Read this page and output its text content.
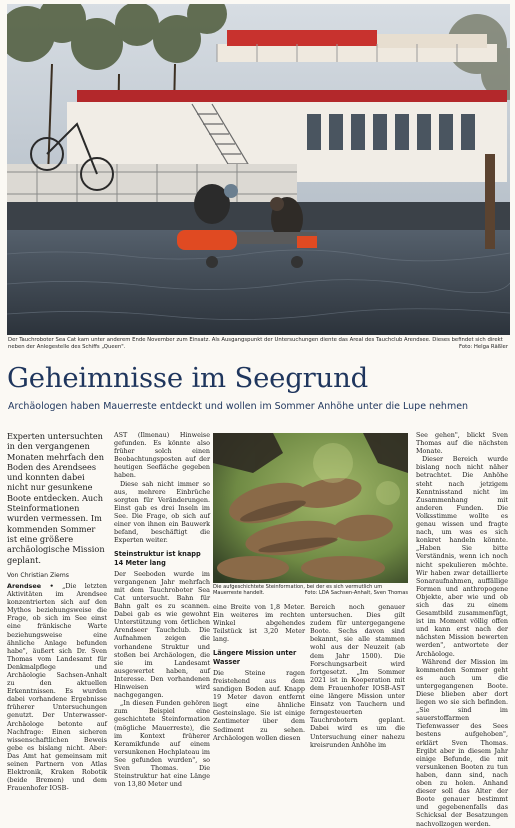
Der Tauchroboter Sea Cat kam unter anderem Ende November zum Einsatz. Als Ausgangspunkt der Untersuchungen diente das Areal des Tauchclub Arendsee. Dieses befindet sich direkt neben der Anlegestelle des Schiffs „Queen".	Foto: Helga Räßler
Geheimnisse im Seegrund
Archäologen haben Mauerreste entdeckt und wollen im Sommer Anhöhe unter die Lupe nehmen

Experten untersuchten in den vergangenen Monaten mehrfach den Boden des Arendsees und konnten dabei nicht nur gesunkene Boote entdecken. Auch Steinformationen wurden vermessen. Im kommenden Sommer ist eine größere archäologische Mission geplant.

Von Christian Ziems

Arendsee • „Die letzten Aktivitäten im Arendsee konzentrierten sich auf den Mythos beziehungsweise die Frage, ob sich im See einst eine fränkische Warte beziehungsweise eine ähnliche Anlage befunden habe", äußert sich Dr. Sven Thomas vom Landesamt für Denkmalpflege und Archäologie Sachsen-Anhalt zu den aktuellen Erkenntnissen. Es wurden dabei vorhandene Ergebnisse früherer Untersuchungen genutzt. Der Unterwasser-Archäologe betonte auf Nachfrage: Einen sicheren wissenschaftlichen Beweis gebe es bislang nicht. Aber: Das Amt hat gemeinsam mit seinen Partnern von Atlas Elektronik, Kraken Robotik (beide Bremen) und dem Frauenhofer IOSB-

AST (Ilmenau) Hinweise gefunden. Es könnte also früher solch einen Beobachtungsposten auf der heutigen Seefläche gegeben haben.

Diese sah nicht immer so aus, mehrere Einbrüche sorgten für Veränderungen. Einst gab es drei Inseln im See. Die Frage, ob sich auf einer von ihnen ein Bauwerk befand, beschäftigt die Experten weiter.

Steinstruktur ist knapp 14 Meter lang

Der Seeboden wurde im vergangenen Jahr mehrfach mit dem Tauchroboter Sea Cat untersucht. Bahn für Bahn galt es zu scannen. Dabei gab es wie gewohnt Unterstützung vom örtlichen Arendseer Tauchclub. Die Aufnahmen zeigen die vorhandene Struktur und stoßen bei Archäologen, die sie im Landesamt ausgewertet haben, auf Interesse. Den vorhandenen Hinweisen wird nachgegangen.

„In diesen Funden gehören zum Beispiel eine geschichtete Steinformation (mögliche Mauerreste), die im Kontext früherer Keramikfunde auf einem versunkenen Hochplateau im See gefunden wurden", so Sven Thomas. Die Steinstruktur hat eine Länge von 13,80 Meter und

Die aufgeschichtete Steinformation, bei der es sich vermutlich um Mauerreste handelt.	Foto: LDA Sachsen-Anhalt, Sven Thomas

eine Breite von 1,8 Meter. Ein weiteres im rechten Winkel abgehendes Teilstück ist 3,20 Meter lang.

Längere Mission unter Wasser

Die Steine ragen freistehend aus dem sandigen Boden auf. Knapp 19 Meter davon entfernt liegt eine ähnliche Gesteinslage. Sie ist einige Zentimeter über dem Sediment zu sehen. Archäologen wollen diesen

Bereich noch genauer untersuchen. Dies gilt zudem für untergegangene Boote. Sechs davon sind bekannt, sie alle stammen wohl aus der Neuzeit (ab dem Jahr 1500). Die Forschungsarbeit wird fortgesetzt. „Im Sommer 2021 ist in Kooperation mit dem Frauenhofer IOSB-AST eine längere Mission unter Einsatz von Tauchern und ferngesteuerten Tauchrobotern geplant. Dabei wird es um die Untersuchung einer nahezu kreisrunden Anhöhe im

See gehen", blickt Sven Thomas auf die nächsten Monate.

Dieser Bereich wurde bislang noch nicht näher betrachtet. Die Anhöhe steht nach jetzigem Kenntnisstand nicht im Zusammenhang mit anderen Funden. Die Volksstimme wollte es genau wissen und fragte nach, um was es sich konkret handeln könnte. „Haben Sie bitte Verständnis, wenn ich noch nicht spekulieren möchte. Wir haben zwar detaillierte Sonaraufnahmen, auffällige Formen und anthropogene Objekte, aber wie und ob sich das zu einem Gesamtbild zusammenfügt, ist im Moment völlig offen und kann erst nach der nächsten Mission bewerten werden", antwortete der Archäologe.

Während der Mission im kommenden Sommer geht es auch um die untergegangenen Boote. Diese blieben aber dort liegen wo sie sich befinden. „Sie sind im sauerstoffarmen Tiefenwasser des Sees bestens aufgehoben", erklärt Sven Thomas. Ergibt aber in diesem Jahr einige Befunde, die mit versunkenen Booten zu tun haben, dann sind, nach oben zu holen. Anhand dieser soll das Alter der Boote genauer bestimmt und gegebenenfalls das Schicksal der Besatzungen nachvollzogen werden.
